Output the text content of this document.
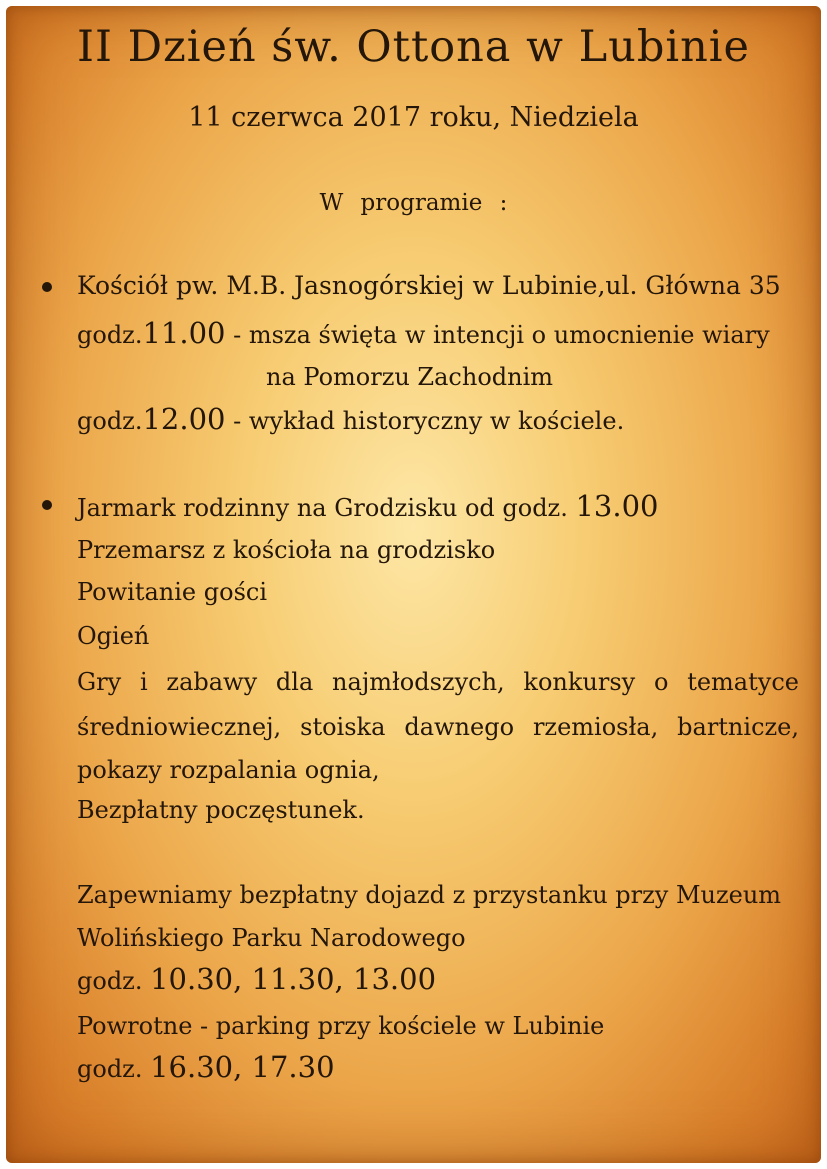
II Dzień św. Ottona w Lubinie
11 czerwca 2017 roku, Niedziela
W programie :
Kościół pw. M.B. Jasnogórskiej w Lubinie,ul. Główna 35
godz.11.00 - msza święta w intencji o umocnienie wiary
na Pomorzu Zachodnim
godz.12.00 - wykład historyczny w kościele.
Jarmark rodzinny na Grodzisku od godz. 13.00
Przemarsz z kościoła na grodzisko
Powitanie gości
Ogień
Gry i zabawy dla najmłodszych, konkursy o tematyce
średniowiecznej, stoiska dawnego rzemiosła, bartnicze,
pokazy rozpalania ognia,
Bezpłatny poczęstunek.
Zapewniamy bezpłatny dojazd z przystanku przy Muzeum
Wolińskiego Parku Narodowego
godz. 10.30, 11.30, 13.00
Powrotne - parking przy kościele w Lubinie
godz. 16.30, 17.30
